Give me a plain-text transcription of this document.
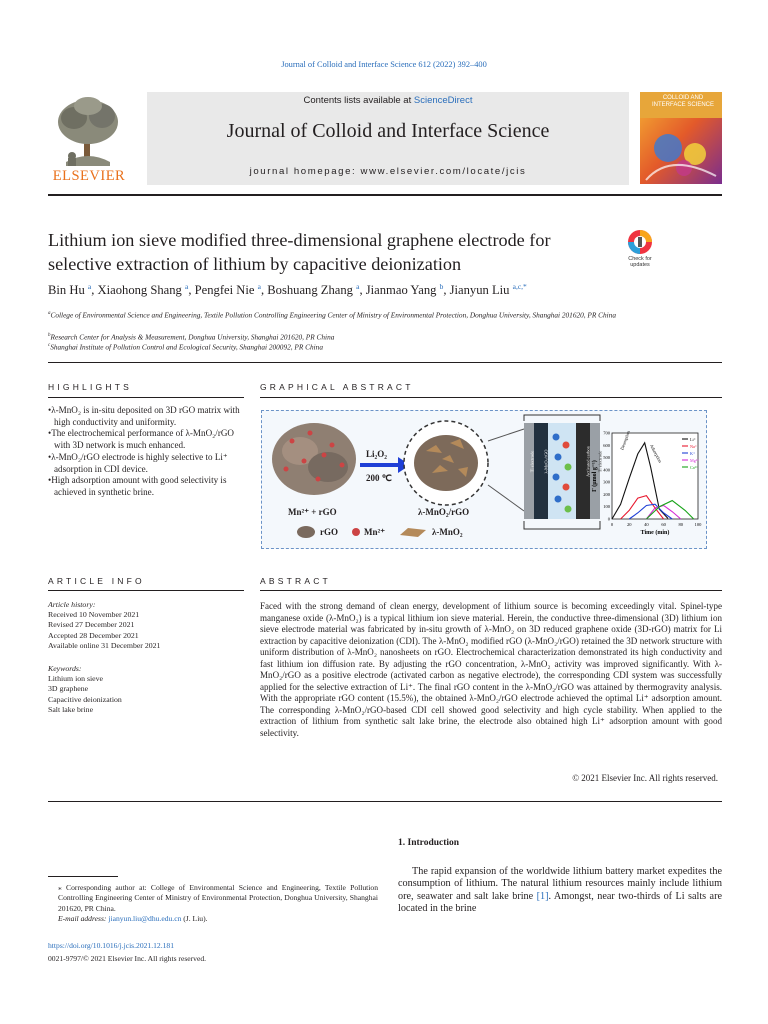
Journal of Colloid and Interface Science 612 (2022) 392–400
ELSEVIER
Contents lists available at ScienceDirect
Journal of Colloid and Interface Science
journal homepage: www.elsevier.com/locate/jcis
COLLOID AND INTERFACE SCIENCE
Lithium ion sieve modified three-dimensional graphene electrode for selective extraction of lithium by capacitive deionization	Check for updates
Bin Hu $^a$, Xiaohong Shang $^a$, Pengfei Nie $^a$, Boshuang Zhang $^a$, Jianmao Yang $^b$, Jianyun Liu $^{a,c,*}$
$^a$College of Environmental Science and Engineering, Textile Pollution Controlling Engineering Center of Ministry of Environmental Protection, Donghua University, Shanghai 201620, PR China
$^b$Research Center for Analysis & Measurement, Donghua University, Shanghai 201620, PR China
$^c$Shanghai Institute of Pollution Control and Ecological Security, Shanghai 200092, PR China
HIGHLIGHTS
• λ-MnO₂ is in-situ deposited on 3D rGO matrix with high conductivity and uniformity.
• The electrochemical performance of λ-MnO₂/rGO with 3D network is much enhanced.
• λ-MnO₂/rGO electrode is highly selective to Li⁺ adsorption in CDI device.
• High adsorption amount with good selectivity is achieved in synthetic brine.
GRAPHICAL ABSTRACT
0	20	40	60	80	100
0
100
200
300
400
500
600
700
Time (min)
Γ (μmol g⁻¹)
Li⁺
Na⁺
K⁺
Mg²⁺
Ca²⁺
Desorption
Adsorption
Li₂O₂
200 ℃
Mn²⁺ + rGO	λ-MnO₂/rGO
rGO	Mn²⁺	λ-MnO₂
Ti electrode λ-MnO₂/rGO	Activated carbon Ti electrode
ARTICLE INFO
Article history:
Received 10 November 2021
Revised 27 December 2021
Accepted 28 December 2021
Available online 31 December 2021
Keywords:
Lithium ion sieve
3D graphene
Capacitive deionization
Salt lake brine
ABSTRACT

Faced with the strong demand of clean energy, development of lithium source is becoming exceedingly vital. Spinel-type manganese oxide (λ-MnO₂) is a typical lithium ion sieve material. Herein, the conductive three-dimensional (3D) lithium ion sieve electrode material was fabricated by in-situ growth of λ-MnO₂ on 3D reduced graphene oxide (3D-rGO) matrix for Li extraction by capacitive deionization (CDI). The λ-MnO₂ modified rGO (λ-MnO₂/rGO) retained the 3D network structure with uniform distribution of λ-MnO₂ nanosheets on rGO. Electrochemical characterization demonstrated its high conductivity and fast lithium ion diffusion rate. By adjusting the rGO concentration, λ-MnO₂ activity was improved significantly. With λ-MnO₂/rGO as a positive electrode (activated carbon as negative electrode), the corresponding CDI system was successfully applied for the selective extraction of Li⁺. The final rGO content in the λ-MnO₂/rGO was attained by thermogravity analysis. With the appropriate rGO content (15.5%), the obtained λ-MnO₂/rGO electrode achieved the optimal Li⁺ adsorption amount. The corresponding λ-MnO₂/rGO-based CDI cell showed good selectivity and high cycle stability. When applied to the extraction of lithium from synthetic salt lake brine, the electrode also obtained high Li⁺ adsorption amount with good selectivity.

© 2021 Elsevier Inc. All rights reserved.
1. Introduction

The rapid expansion of the worldwide lithium battery market expedites the consumption of lithium. The natural lithium resources mainly include lithium ore, seawater and salt lake brine [1]. Amongst, near two-thirds of Li salts are located in the brine

⁎ Corresponding author at: College of Environmental Science and Engineering, Textile Pollution Controlling Engineering Center of Ministry of Environmental Protection, Donghua University, Shanghai 201620, PR China.
E-mail address: jianyun.liu@dhu.edu.cn (J. Liu).
https://doi.org/10.1016/j.jcis.2021.12.181
0021-9797/© 2021 Elsevier Inc. All rights reserved.
